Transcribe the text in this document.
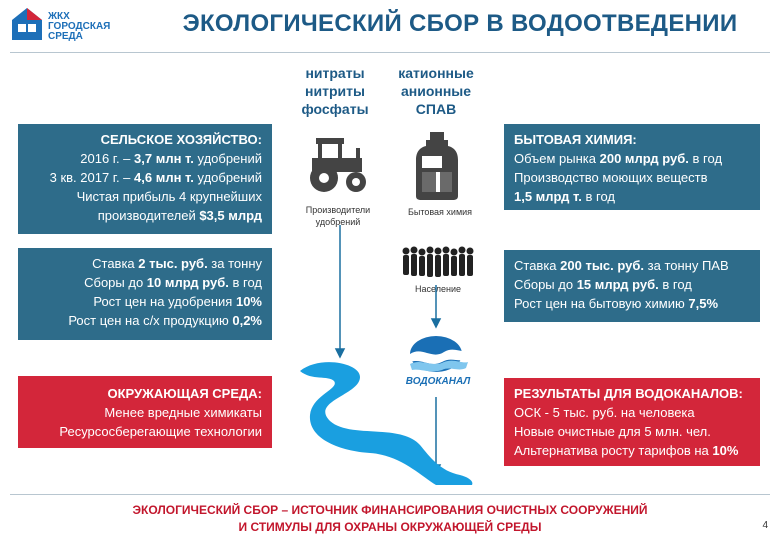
ЖКХ
ГОРОДСКАЯ
СРЕДА	ЭКОЛОГИЧЕСКИЙ СБОР В ВОДООТВЕДЕНИИ
нитраты
нитриты
фосфаты
катионные
анионные
СПАВ
Производители
удобрений
Бытовая химия
Население
ВОДОКАНАЛ
СЕЛЬСКОЕ ХОЗЯЙСТВО:
2016 г. – 3,7 млн т. удобрений
3 кв. 2017 г. – 4,6 млн т. удобрений
Чистая прибыль 4 крупнейших
производителей $3,5 млрд
Ставка 2 тыс. руб. за тонну
Сборы до 10 млрд руб. в год
Рост цен на удобрения 10%
Рост цен на с/х продукцию 0,2%
ОКРУЖАЮЩАЯ СРЕДА:
Менее вредные химикаты
Ресурсосберегающие технологии
БЫТОВАЯ ХИМИЯ:
Объем рынка 200 млрд руб. в год
Производство моющих веществ
1,5 млрд т. в год
Ставка 200 тыс. руб. за тонну ПАВ
Сборы до 15 млрд руб. в год
Рост цен на бытовую химию 7,5%
РЕЗУЛЬТАТЫ ДЛЯ ВОДОКАНАЛОВ:
ОСК - 5 тыс. руб. на человека
Новые очистные для 5 млн. чел.
Альтернатива росту тарифов на 10%
ЭКОЛОГИЧЕСКИЙ СБОР – ИСТОЧНИК ФИНАНСИРОВАНИЯ ОЧИСТНЫХ СООРУЖЕНИЙ
И СТИМУЛЫ ДЛЯ ОХРАНЫ ОКРУЖАЮЩЕЙ СРЕДЫ	4
